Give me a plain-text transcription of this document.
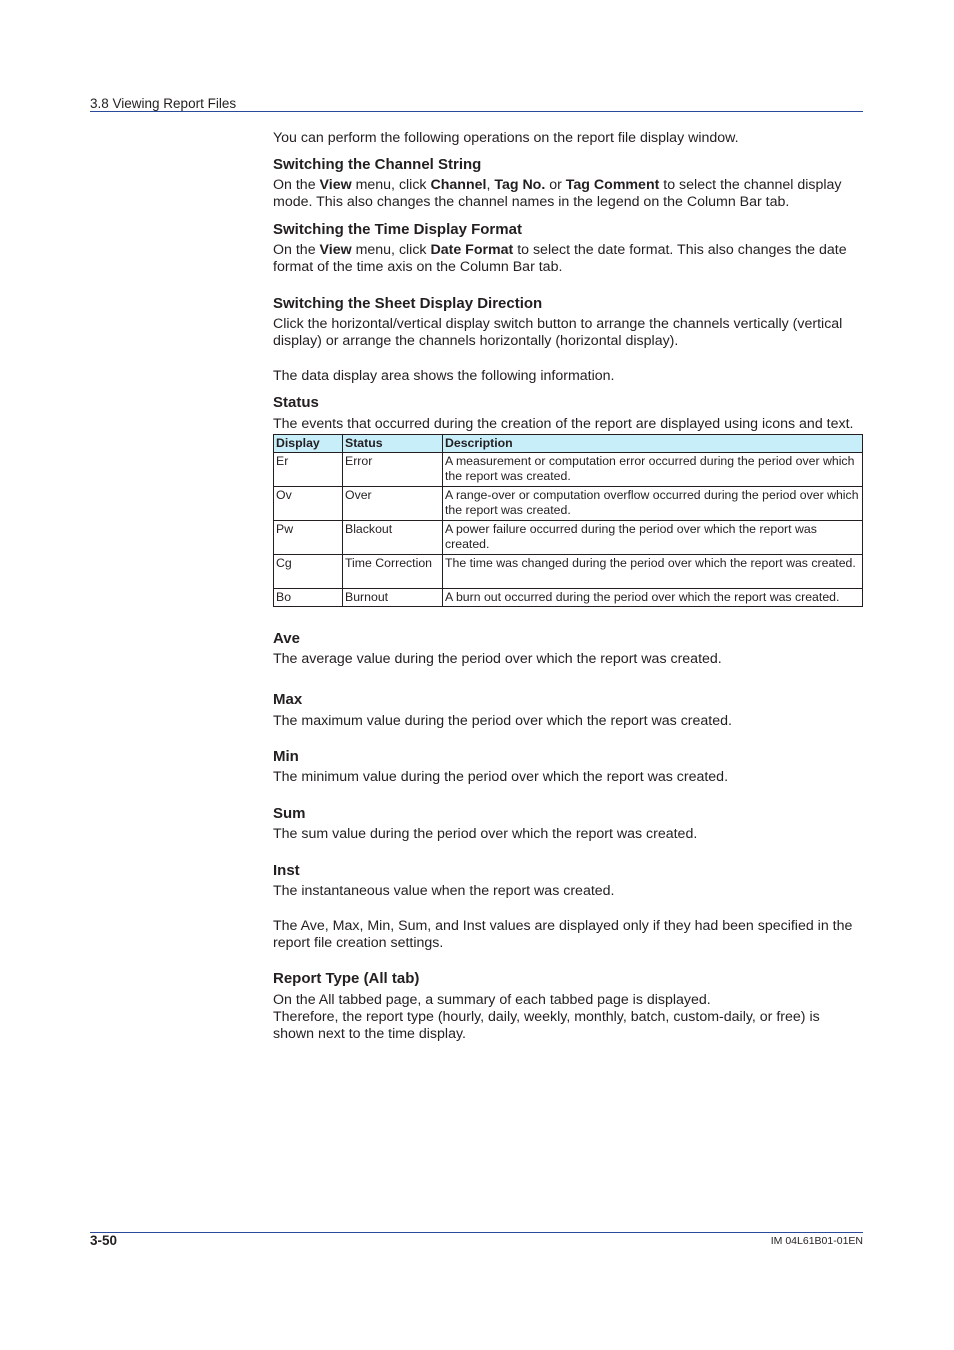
3.8 Viewing Report Files

You can perform the following operations on the report file display window.

Switching the Channel String

On the View menu, click Channel, Tag No. or Tag Comment to select the channel display mode. This also changes the channel names in the legend on the Column Bar tab.

Switching the Time Display Format

On the View menu, click Date Format to select the date format. This also changes the date format of the time axis on the Column Bar tab.

Switching the Sheet Display Direction

Click the horizontal/vertical display switch button to arrange the channels vertically (vertical display) or arrange the channels horizontally (horizontal display).

The data display area shows the following information.

Status

The events that occurred during the creation of the report are displayed using icons and text.

Display	Status	Description
Er	Error	A measurement or computation error occurred during the period over which the report was created.
Ov	Over	A range-over or computation overflow occurred during the period over which the report was created.
Pw	Blackout	A power failure occurred during the period over which the report was created.
Cg	Time Correction	The time was changed during the period over which the report was created.
Bo	Burnout	A burn out occurred during the period over which the report was created.
Ave

The average value during the period over which the report was created.

Max

The maximum value during the period over which the report was created.

Min

The minimum value during the period over which the report was created.

Sum

The sum value during the period over which the report was created.

Inst

The instantaneous value when the report was created.

The Ave, Max, Min, Sum, and Inst values are displayed only if they had been specified in the report file creation settings.

Report Type (All tab)

On the All tabbed page, a summary of each tabbed page is displayed.

Therefore, the report type (hourly, daily, weekly, monthly, batch, custom-daily, or free) is shown next to the time display.

3-50	IM 04L61B01-01EN
